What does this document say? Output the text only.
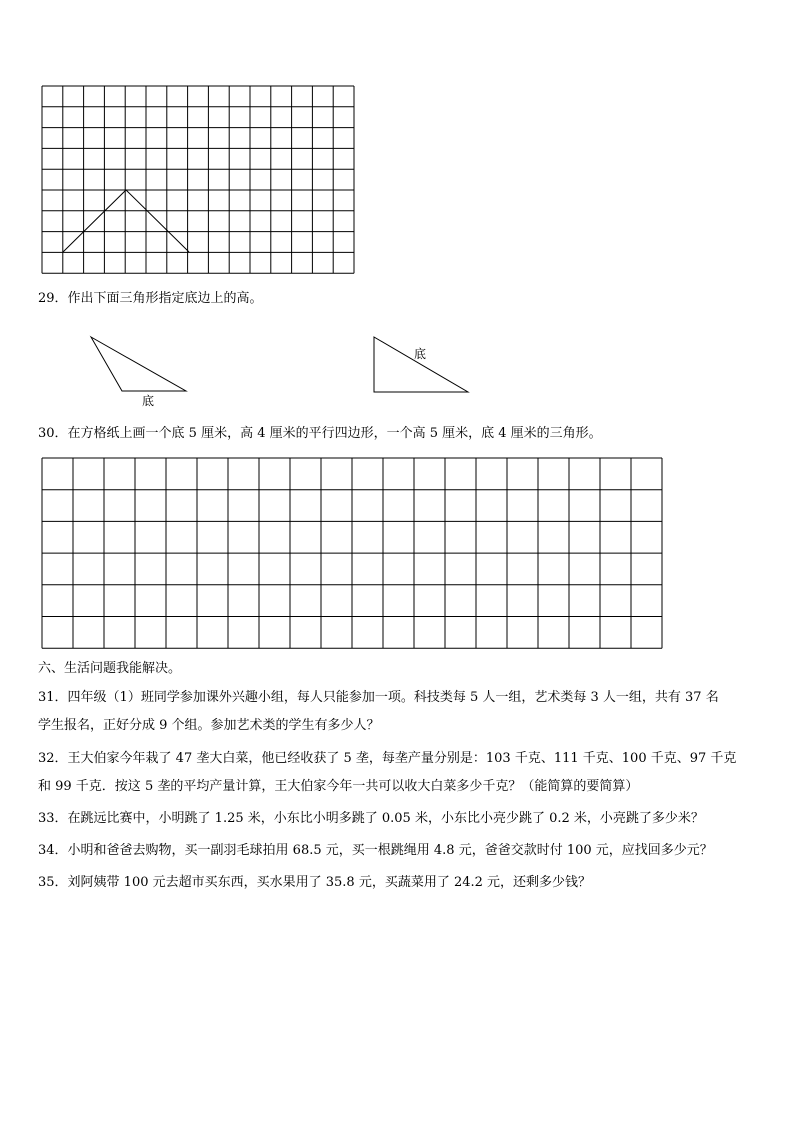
29．作出下面三角形指定底边上的高。
底
底
30．在方格纸上画一个底 5 厘米，高 4 厘米的平行四边形，一个高 5 厘米，底 4 厘米的三角形。
六、生活问题我能解决。
31．四年级（1）班同学参加课外兴趣小组，每人只能参加一项。科技类每 5 人一组，艺术类每 3 人一组，共有 37 名
学生报名，正好分成 9 个组。参加艺术类的学生有多少人？
32．王大伯家今年栽了 47 垄大白菜，他已经收获了 5 垄，每垄产量分别是：103 千克、111 千克、100 千克、97 千克
和 99 千克．按这 5 垄的平均产量计算，王大伯家今年一共可以收大白菜多少千克？（能简算的要简算）
33．在跳远比赛中，小明跳了 1.25 米，小东比小明多跳了 0.05 米，小东比小亮少跳了 0.2 米，小亮跳了多少米？
34．小明和爸爸去购物，买一副羽毛球拍用 68.5 元，买一根跳绳用 4.8 元，爸爸交款时付 100 元，应找回多少元？
35．刘阿姨带 100 元去超市买东西，买水果用了 35.8 元，买蔬菜用了 24.2 元，还剩多少钱？
